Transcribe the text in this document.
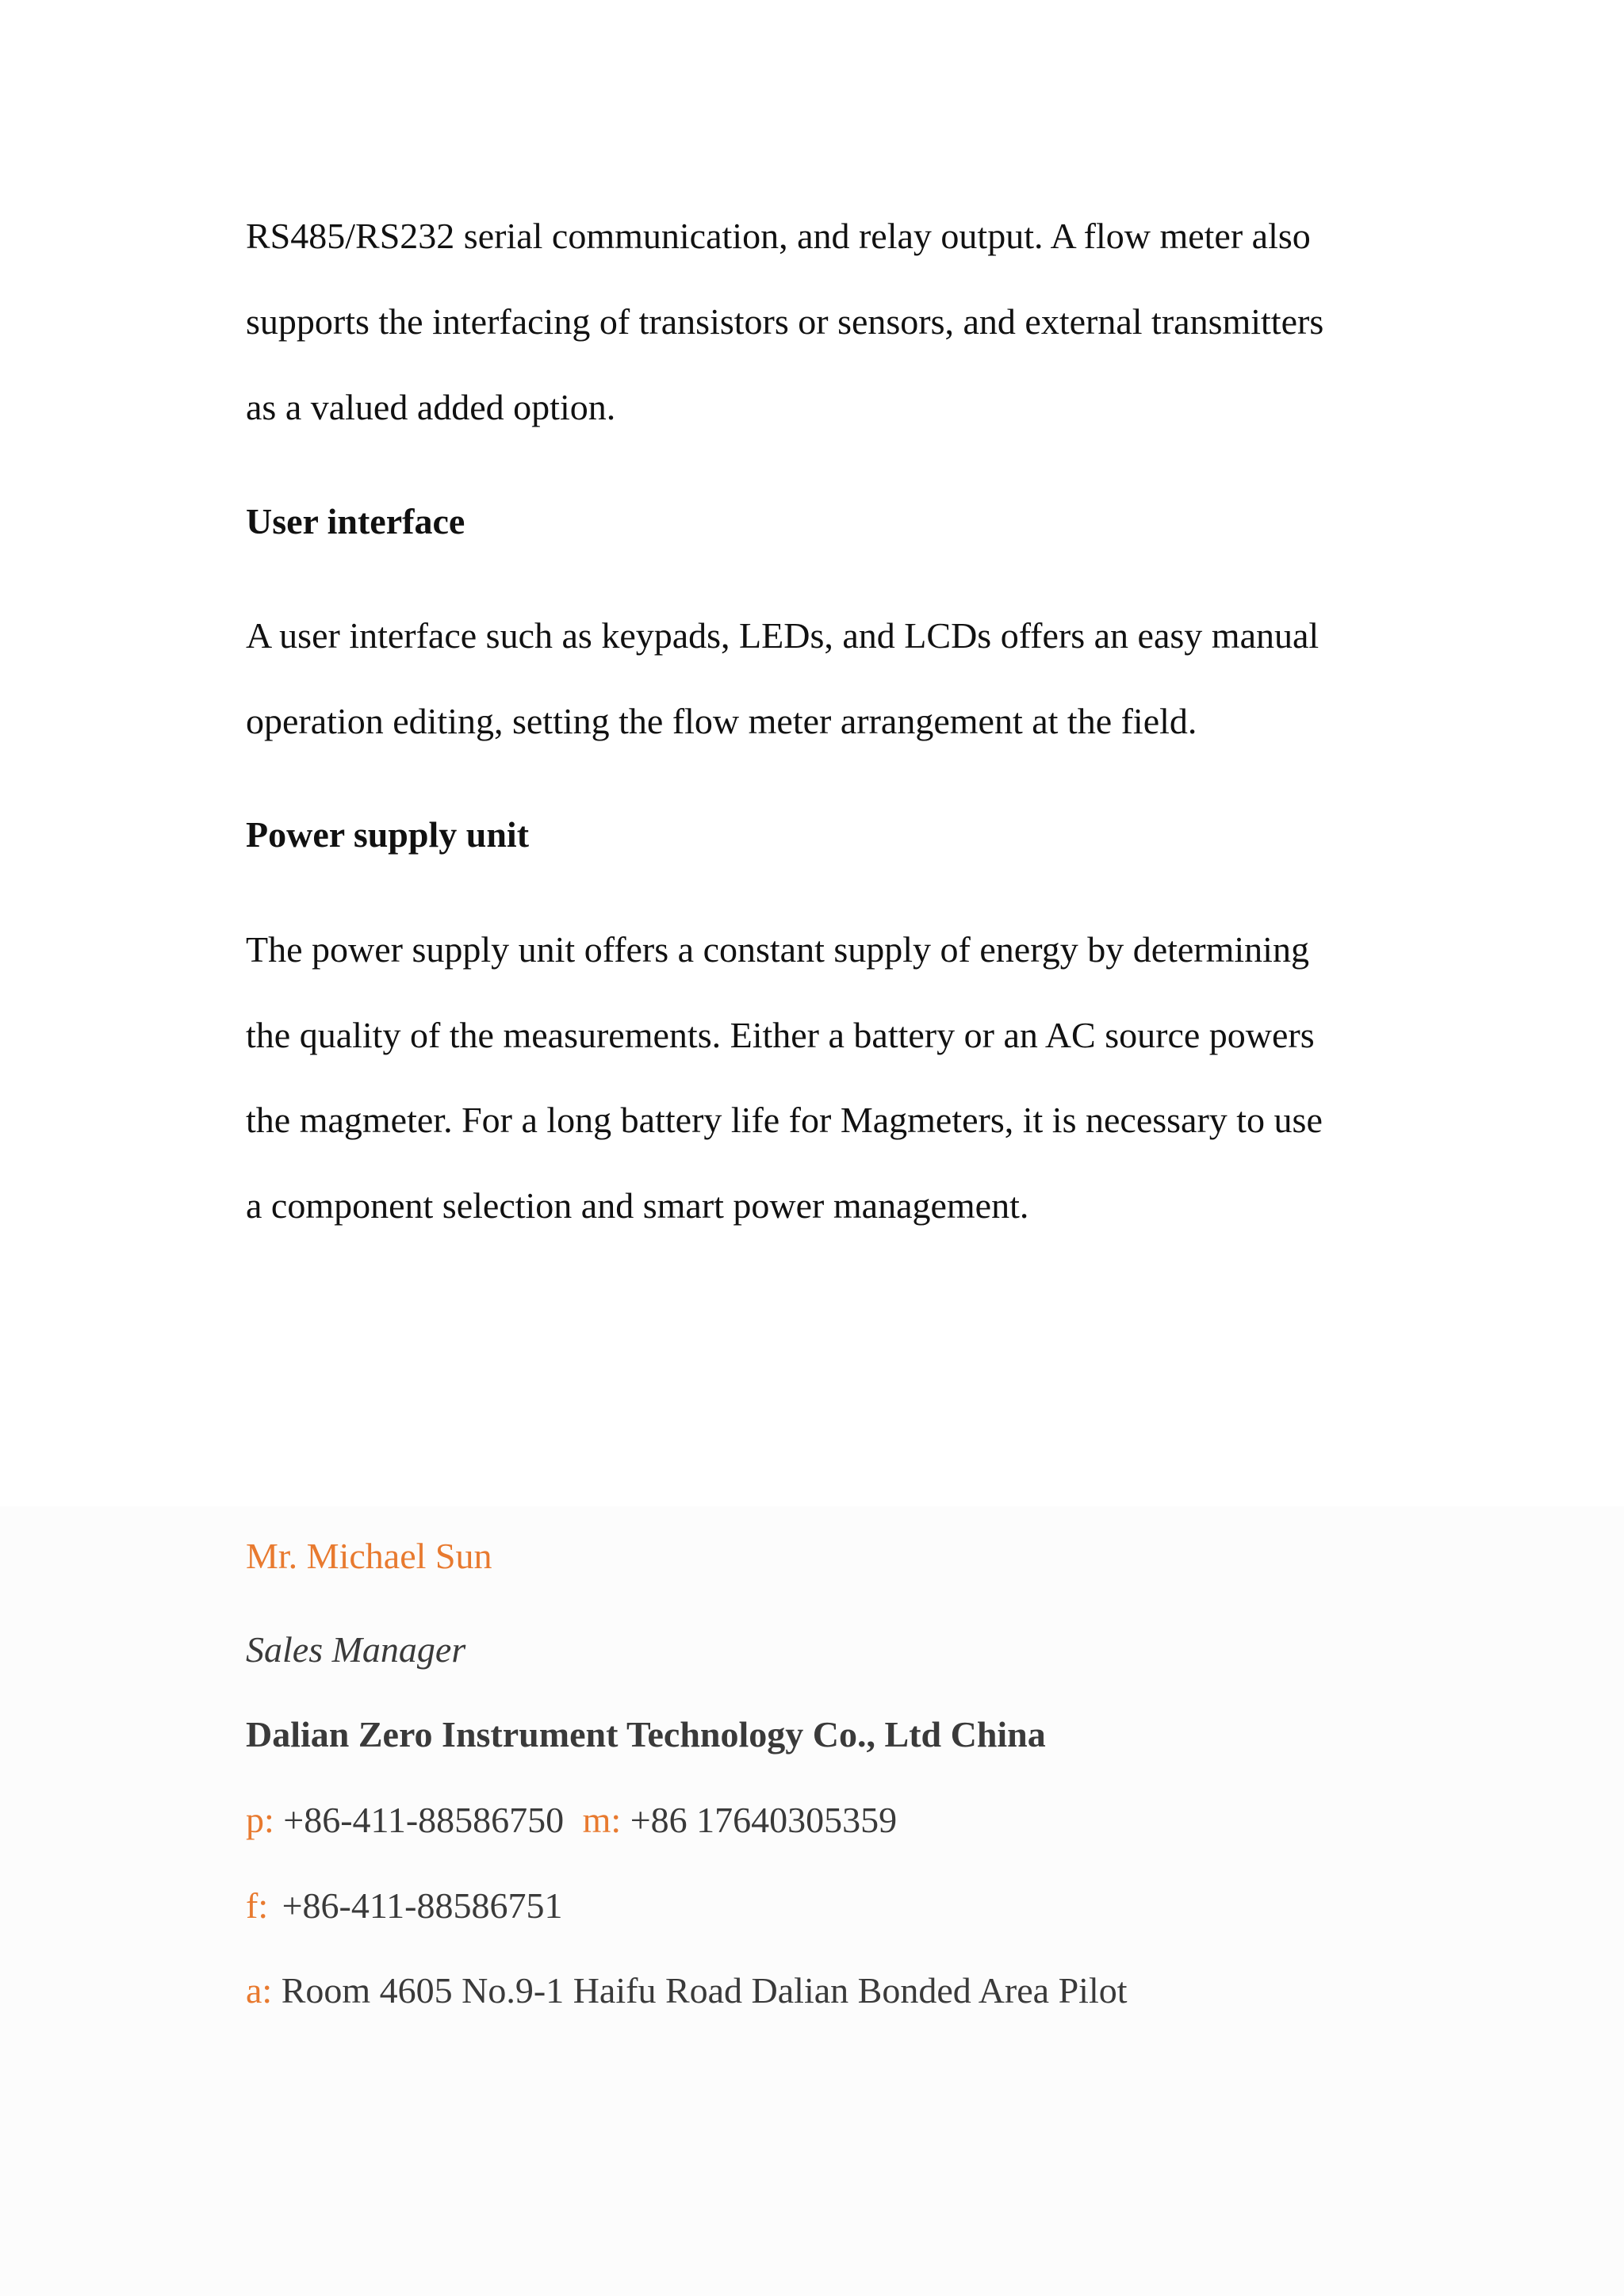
RS485/RS232 serial communication, and relay output. A flow meter also

supports the interfacing of transistors or sensors, and external transmitters

as a valued added option.

User interface

A user interface such as keypads, LEDs, and LCDs offers an easy manual

operation editing, setting the flow meter arrangement at the field.

Power supply unit

The power supply unit offers a constant supply of energy by determining

the quality of the measurements. Either a battery or an AC source powers

the magmeter. For a long battery life for Magmeters, it is necessary to use

a component selection and smart power management.

Mr. Michael Sun

Sales Manager

Dalian Zero Instrument Technology Co., Ltd China

p: +86-411-88586750 m: +86 17640305359

f: +86-411-88586751

a: Room 4605 No.9-1 Haifu Road Dalian Bonded Area Pilot
